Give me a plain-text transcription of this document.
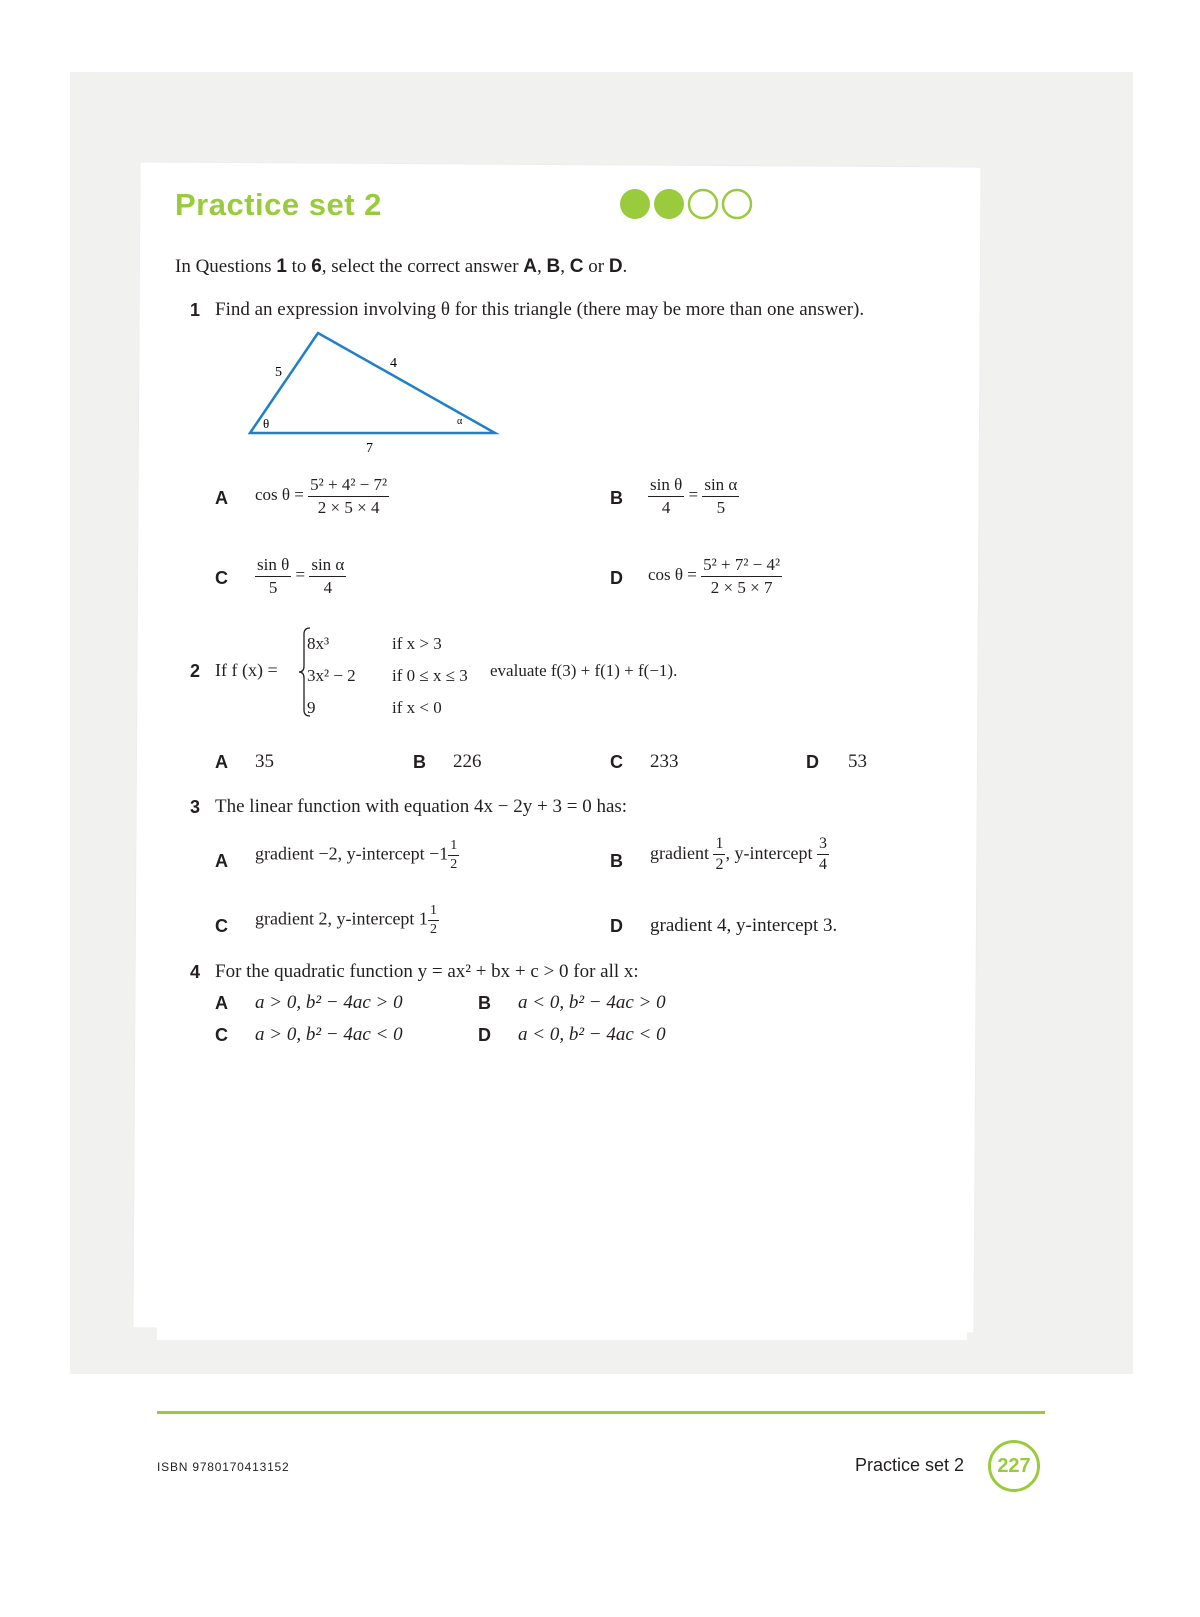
Practice set 2
In Questions 1 to 6, select the correct answer A, B, C or D.
1 Find an expression involving θ for this triangle (there may be more than one answer).
5
4
7
θ	α
A $\cos \theta = \frac{\text{5² + 4² − 7²}}{2 \times 5 \times 4}$	B $\frac{\text{sin θ}}{4} = \frac{\text{sin α}}{5}$
C $\frac{\text{sin θ}}{5} = \frac{\text{sin α}}{4}$	D $\cos \theta = \frac{\text{5² + 7² − 4²}}{2 \times 5 \times 7}$
2 If f (x) =
8x³	if x > 3
3x² − 2 if 0 ≤ x ≤ 3
9	if x < 0
evaluate f(3) + f(1) + f(−1).
A 35	B 226	C 233	D 53
3 The linear function with equation 4x − 2y + 3 = 0 has:
A gradient −2, y-intercept $-1 \frac{1}{2}$	B gradient $\frac{1}{2}$ , y-intercept $\frac{3}{4}$
C gradient 2, y-intercept $1 \frac{1}{2}$	D gradient 4, y-intercept 3.
4 For the quadratic function y = ax² + bx + c > 0 for all x:
A a > 0, b² − 4ac > 0	B a < 0, b² − 4ac > 0
C a > 0, b² − 4ac < 0	D a < 0, b² − 4ac < 0
ISBN 9780170413152	Practice set 2 227
